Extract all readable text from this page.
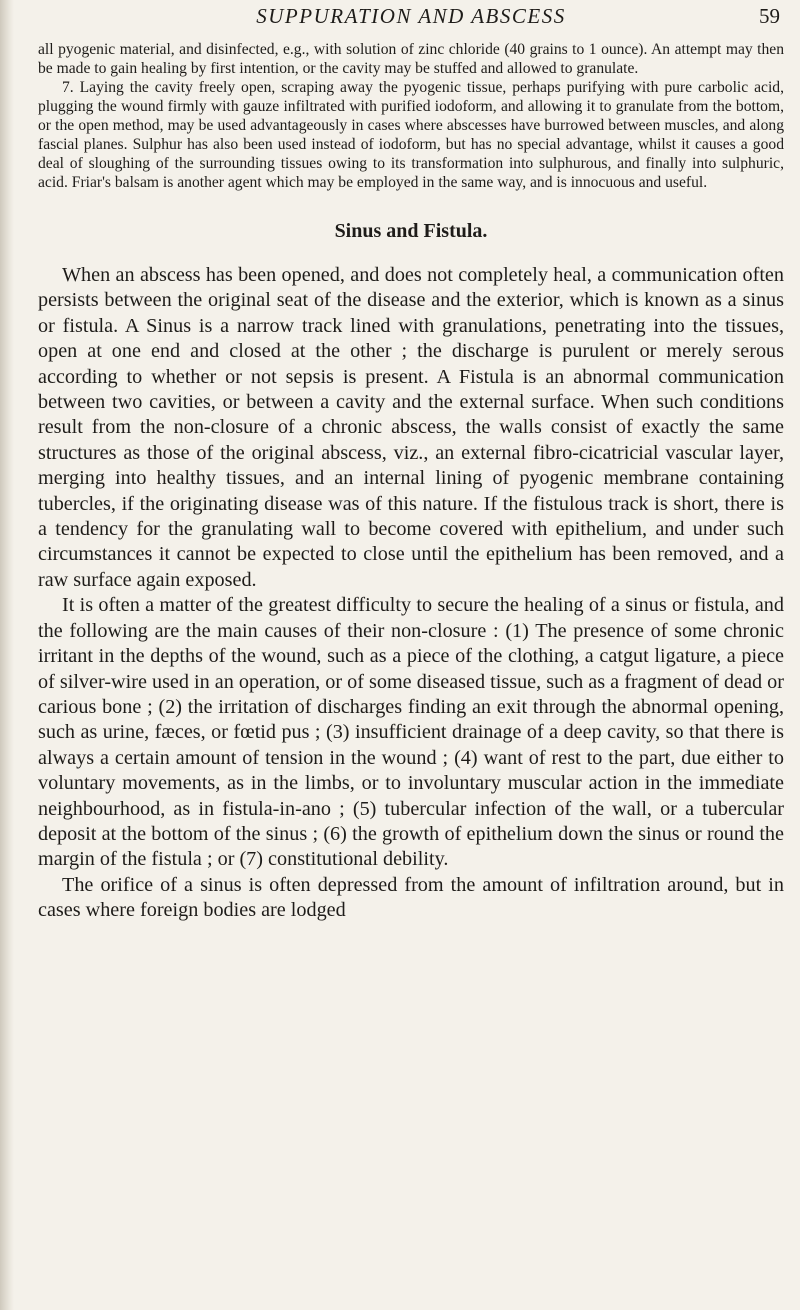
SUPPURATION AND ABSCESS	59

all pyogenic material, and disinfected, e.g., with solution of zinc chloride (40 grains to 1 ounce). An attempt may then be made to gain healing by first intention, or the cavity may be stuffed and allowed to granulate.

7. Laying the cavity freely open, scraping away the pyogenic tissue, perhaps purifying with pure carbolic acid, plugging the wound firmly with gauze infiltrated with purified iodoform, and allowing it to granulate from the bottom, or the open method, may be used advantageously in cases where abscesses have burrowed between muscles, and along fascial planes. Sulphur has also been used instead of iodoform, but has no special advantage, whilst it causes a good deal of sloughing of the surrounding tissues owing to its transformation into sulphurous, and finally into sulphuric, acid. Friar's balsam is another agent which may be employed in the same way, and is innocuous and useful.

Sinus and Fistula.

When an abscess has been opened, and does not completely heal, a communication often persists between the original seat of the disease and the exterior, which is known as a sinus or fistula. A Sinus is a narrow track lined with granulations, penetrating into the tissues, open at one end and closed at the other ; the discharge is purulent or merely serous according to whether or not sepsis is present. A Fistula is an abnormal communication between two cavities, or between a cavity and the external surface. When such conditions result from the non-closure of a chronic abscess, the walls consist of exactly the same structures as those of the original abscess, viz., an external fibro-cicatricial vascular layer, merging into healthy tissues, and an internal lining of pyogenic membrane containing tubercles, if the originating disease was of this nature. If the fistulous track is short, there is a tendency for the granulating wall to become covered with epithelium, and under such circumstances it cannot be expected to close until the epithelium has been removed, and a raw surface again exposed.

It is often a matter of the greatest difficulty to secure the healing of a sinus or fistula, and the following are the main causes of their non-closure : (1) The presence of some chronic irritant in the depths of the wound, such as a piece of the clothing, a catgut ligature, a piece of silver-wire used in an operation, or of some diseased tissue, such as a fragment of dead or carious bone ; (2) the irritation of discharges finding an exit through the abnormal opening, such as urine, fæces, or fœtid pus ; (3) insufficient drainage of a deep cavity, so that there is always a certain amount of tension in the wound ; (4) want of rest to the part, due either to voluntary movements, as in the limbs, or to involuntary muscular action in the immediate neighbourhood, as in fistula-in-ano ; (5) tubercular infection of the wall, or a tubercular deposit at the bottom of the sinus ; (6) the growth of epithelium down the sinus or round the margin of the fistula ; or (7) constitutional debility.

The orifice of a sinus is often depressed from the amount of infiltration around, but in cases where foreign bodies are lodged
